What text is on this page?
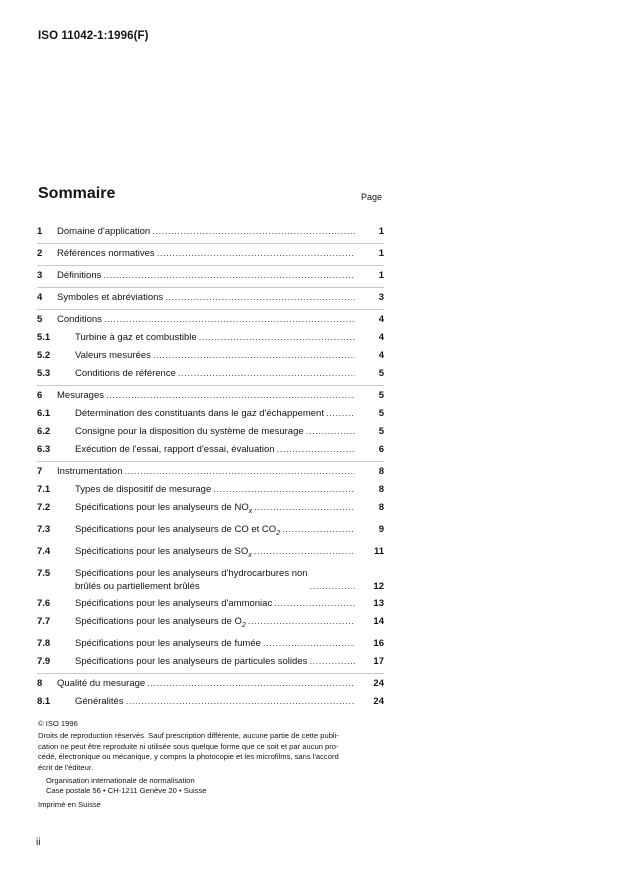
ISO 11042-1:1996(F)
Sommaire	Page
1	Domaine d'application .....	1
2	Références normatives .....	1
3	Définitions .....	1
4	Symboles et abréviations .....	3
5	Conditions .....	4
5.1	Turbine à gaz et combustible .....	4
5.2	Valeurs mesurées .....	4
5.3	Conditions de référence .....	5
6	Mesurages .....	5
6.1	Détermination des constituants dans le gaz d'échappement .....	5
6.2	Consigne pour la disposition du système de mesurage .....	5
6.3	Exécution de l'essai, rapport d'essai, évaluation .....	6
7	Instrumentation .....	8
7.1	Types de dispositif de mesurage .....	8
7.2	Spécifications pour les analyseurs de $NO_x$ .....	8
7.3	Spécifications pour les analyseurs de CO et $CO_2$ .....	9
7.4	Spécifications pour les analyseurs de $SO_x$ .....	11
7.5	Spécifications pour les analyseurs d'hydrocarbures non
brûlés ou partiellement brûlés .....	12
7.6	Spécifications pour les analyseurs d'ammoniac .....	13
7.7	Spécifications pour les analyseurs de $O_2$ .....	14
7.8	Spécifications pour les analyseurs de fumée .....	16
7.9	Spécifications pour les analyseurs de particules solides .....	17
8	Qualité du mesurage .....	24
8.1	Généralités .....	24
© ISO 1996
Droits de reproduction réservés. Sauf prescription différente, aucune partie de cette publi-
cation ne peut être reproduite ni utilisée sous quelque forme que ce soit et par aucun pro-
cédé, électronique ou mécanique, y compris la photocopie et les microfilms, sans l'accord
écrit de l'éditeur.
Organisation internationale de normalisation
Case postale 56 • CH-1211 Genève 20 • Suisse
Imprimé en Suisse
ii
